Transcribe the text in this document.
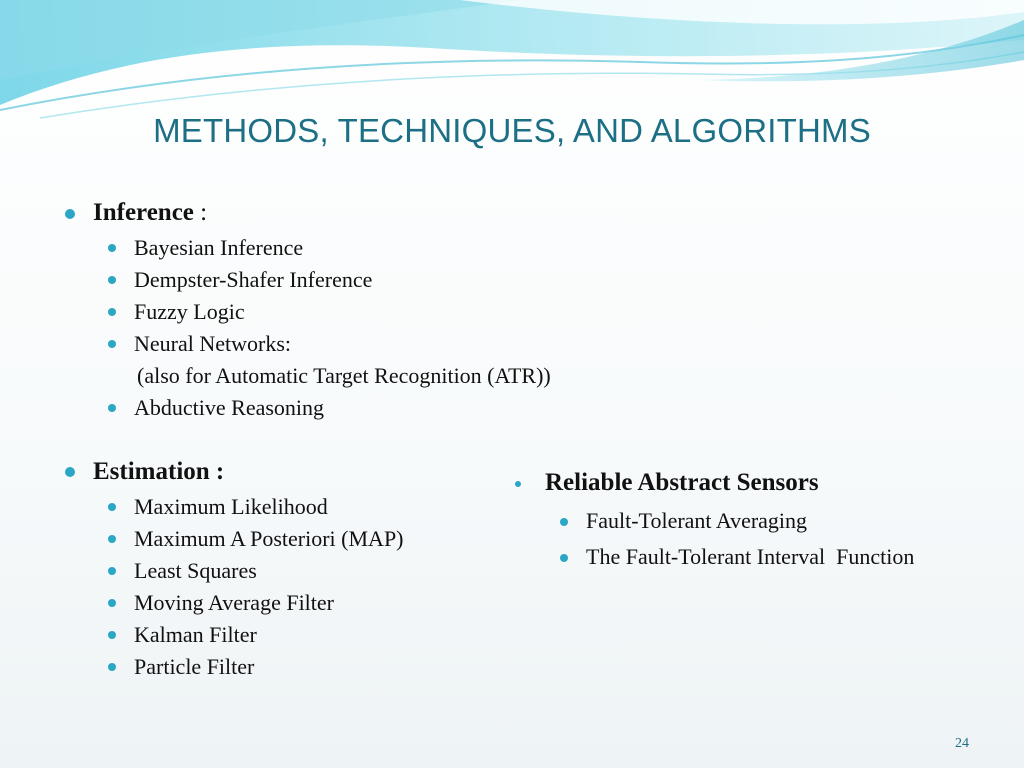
METHODS, TECHNIQUES, AND ALGORITHMS
Inference :
Bayesian Inference
Dempster-Shafer Inference
Fuzzy Logic
Neural Networks:
(also for Automatic Target Recognition (ATR))
Abductive Reasoning
Estimation :
Maximum Likelihood
Maximum A Posteriori (MAP)
Least Squares
Moving Average Filter
Kalman Filter
Particle Filter
Reliable Abstract Sensors
Fault-Tolerant Averaging
The Fault-Tolerant Interval  Function
24
